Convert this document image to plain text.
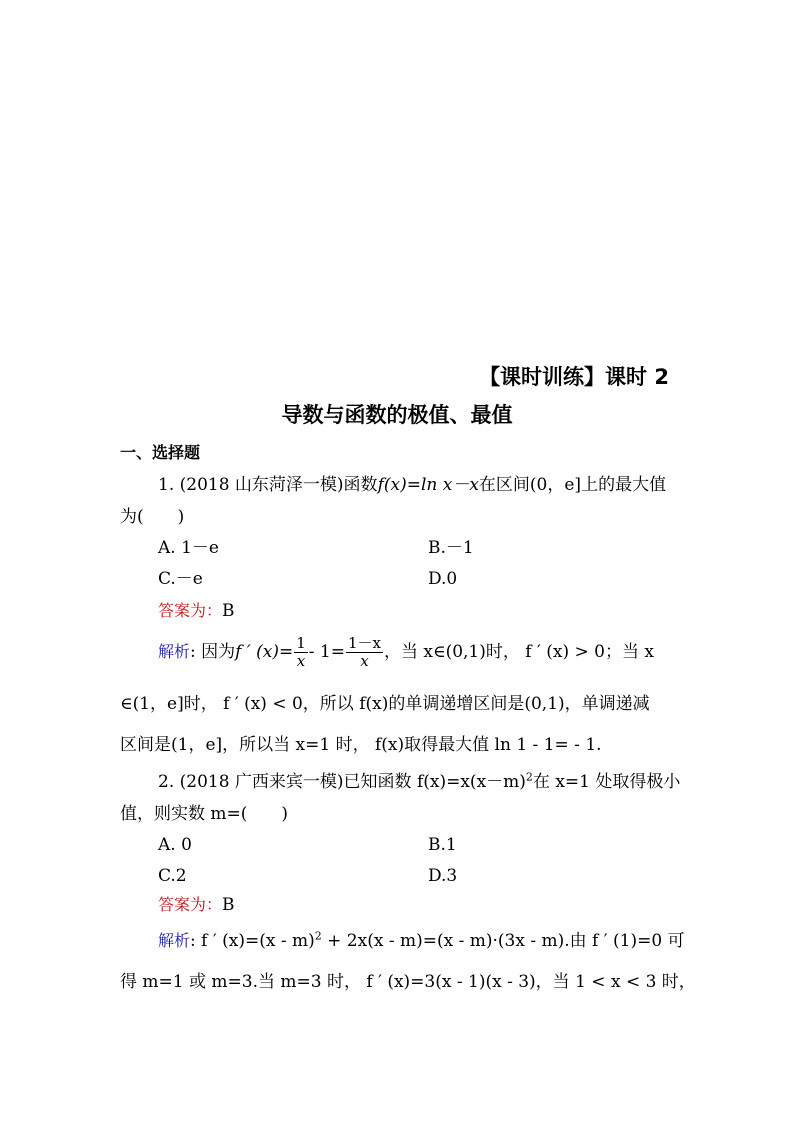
【课时训练】课时 2
导数与函数的极值、最值
一、选择题
1. (2018 山东菏泽一模)函数f(x)=ln x－x在区间(0，e]上的最大值
为(　　)
A. 1－e	B.－1
C.－e	D.0
答案为：B
解析: 因为f ′ $(x)= \frac{1}{x} - 1= \frac{1-x}{x}$ ，当 x∈(0,1)时， f ′ (x) > 0；当 x
∈(1，e]时， f ′ (x) < 0，所以 f(x)的单调递增区间是(0,1)，单调递减
区间是(1，e]，所以当 x=1 时， f(x)取得最大值 ln 1 - 1= - 1.
2. (2018 广西来宾一模)已知函数 $f(x)=x(x-m)^2$在 x=1 处取得极小
值，则实数 m=(　　)
A. 0	B.1
C.2	D.3
答案为：B
解析: f ′ (x)=(x - m)$^2$ + 2x(x - m)=(x - m)·(3x - m).由 f ′ (1)=0 可
得 m=1 或 m=3.当 m=3 时， f ′ (x)=3(x - 1)(x - 3)，当 1 < x < 3 时，
